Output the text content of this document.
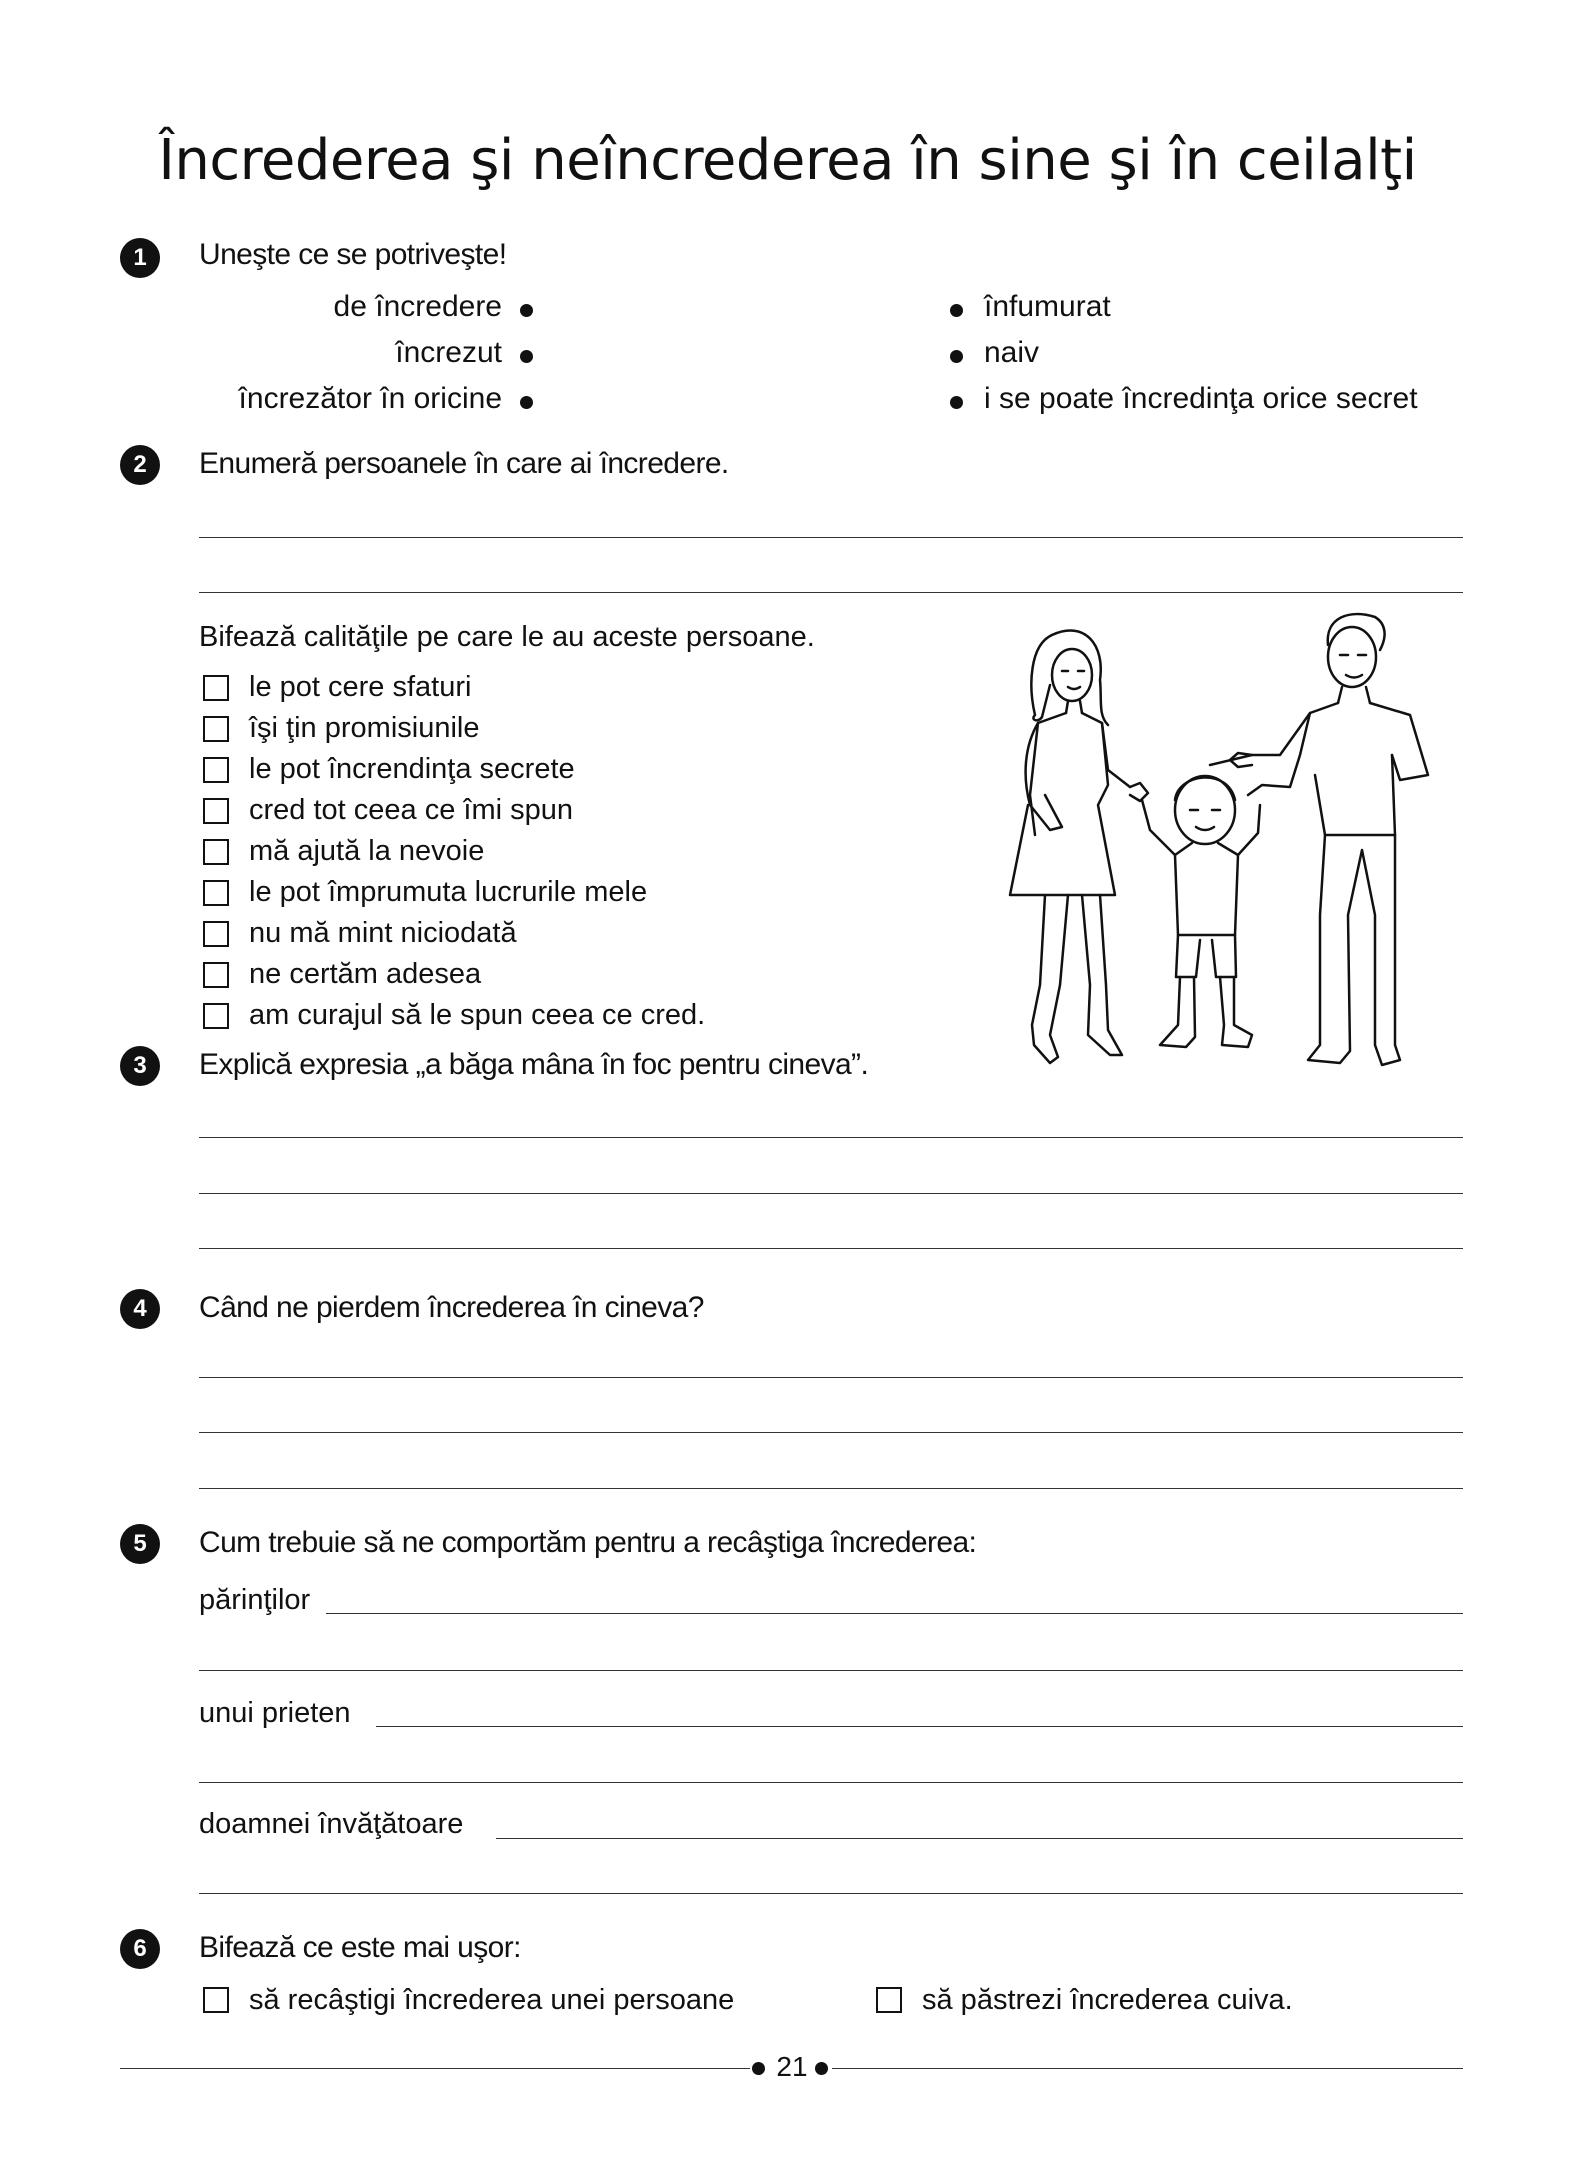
Încrederea şi neîncrederea în sine şi în ceilalţi
1	Uneşte ce se potriveşte!
de încredere
încrezut
încrezător în oricine
înfumurat
naiv
i se poate încredinţa orice secret
2	Enumeră persoanele în care ai încredere.
Bifează calităţile pe care le au aceste persoane.
le pot cere sfaturi
îşi ţin promisiunile
le pot încrendinţa secrete
cred tot ceea ce îmi spun
mă ajută la nevoie
le pot împrumuta lucrurile mele
nu mă mint niciodată
ne certăm adesea
am curajul să le spun ceea ce cred.
3	Explică expresia „a băga mâna în foc pentru cineva”.
4	Când ne pierdem încrederea în cineva?
5	Cum trebuie să ne comportăm pentru a recâştiga încrederea:
părinţilor
unui prieten
doamnei învăţătoare
6	Bifează ce este mai uşor:
să recâştigi încrederea unei persoane	să păstrezi încrederea cuiva.
21
